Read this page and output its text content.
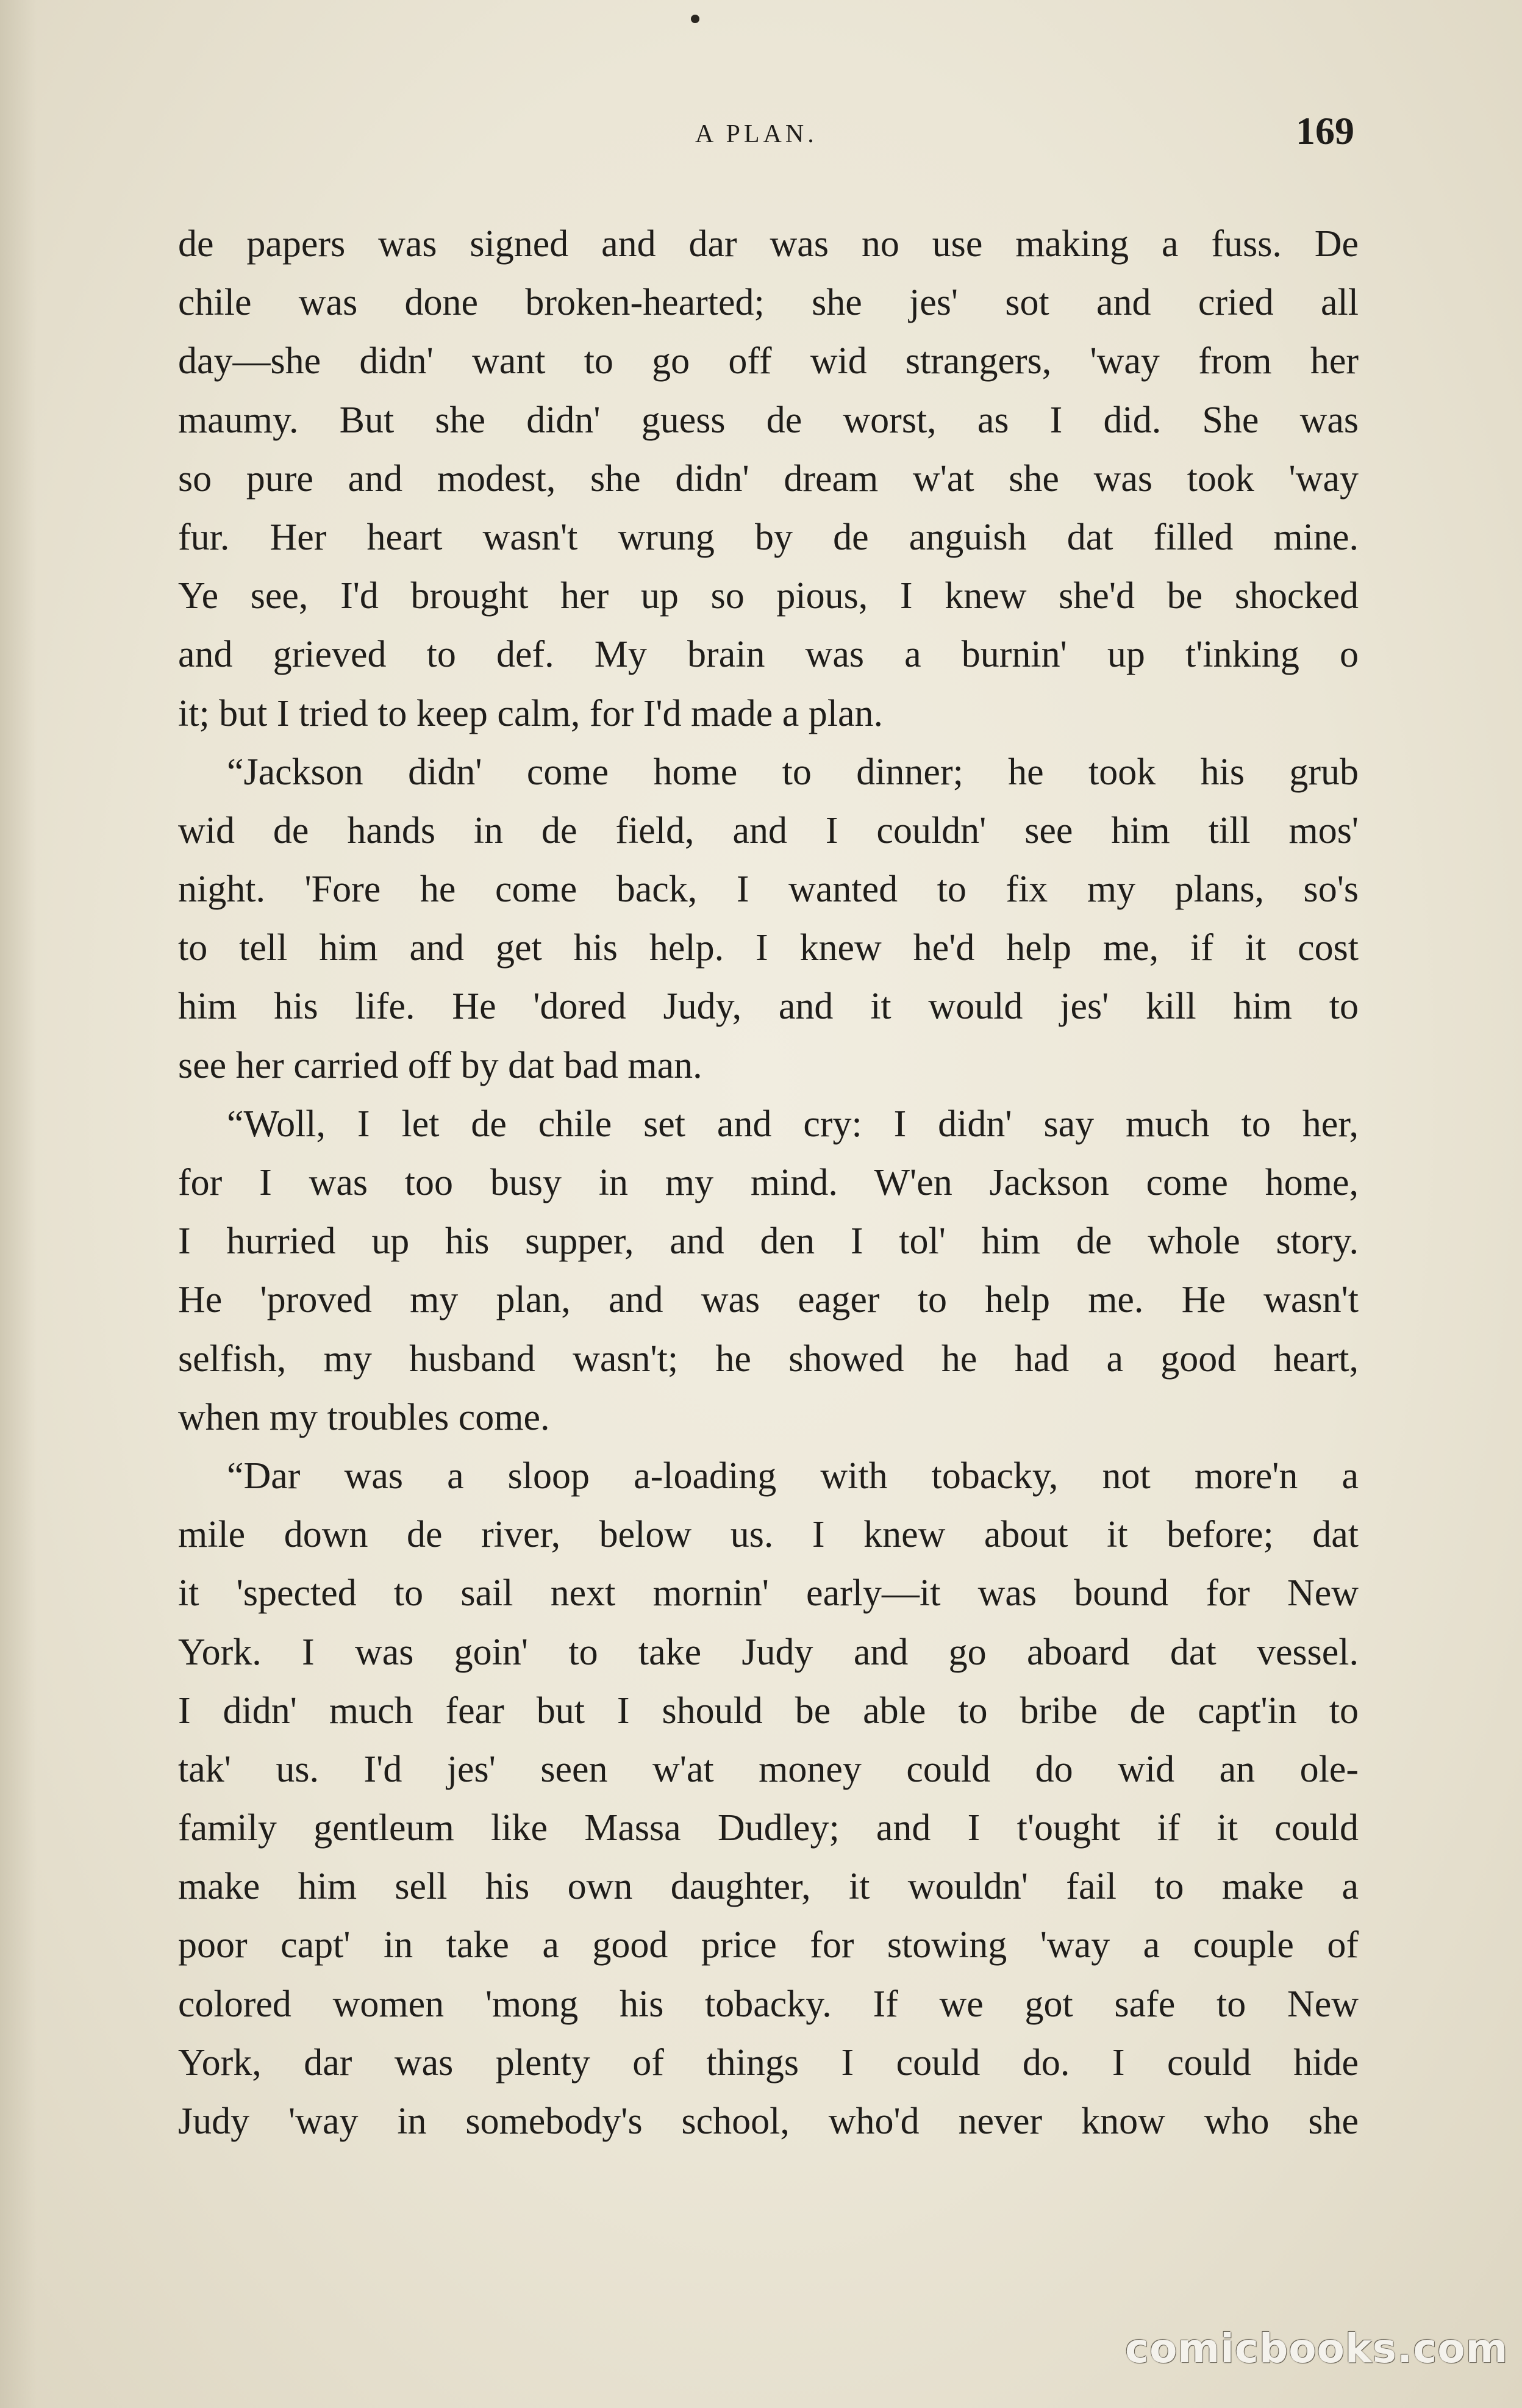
A PLAN.	169
de papers was signed and dar was no use making a fuss. De
chile was done broken-hearted; she jes' sot and cried all
day—she didn' want to go off wid strangers, 'way from her
maumy. But she didn' guess de worst, as I did. She was
so pure and modest, she didn' dream w'at she was took 'way
fur. Her heart wasn't wrung by de anguish dat filled mine.
Ye see, I'd brought her up so pious, I knew she'd be shocked
and grieved to def. My brain was a burnin' up t'inking o
it; but I tried to keep calm, for I'd made a plan.
“Jackson didn' come home to dinner; he took his grub
wid de hands in de field, and I couldn' see him till mos'
night. 'Fore he come back, I wanted to fix my plans, so's
to tell him and get his help. I knew he'd help me, if it cost
him his life. He 'dored Judy, and it would jes' kill him to
see her carried off by dat bad man.
“Woll, I let de chile set and cry: I didn' say much to her,
for I was too busy in my mind. W'en Jackson come home,
I hurried up his supper, and den I tol' him de whole story.
He 'proved my plan, and was eager to help me. He wasn't
selfish, my husband wasn't; he showed he had a good heart,
when my troubles come.
“Dar was a sloop a-loading with tobacky, not more'n a
mile down de river, below us. I knew about it before; dat
it 'spected to sail next mornin' early—it was bound for New
York. I was goin' to take Judy and go aboard dat vessel.
I didn' much fear but I should be able to bribe de capt'in to
tak' us. I'd jes' seen w'at money could do wid an ole-
family gentleum like Massa Dudley; and I t'ought if it could
make him sell his own daughter, it wouldn' fail to make a
poor capt' in take a good price for stowing 'way a couple of
colored women 'mong his tobacky. If we got safe to New
York, dar was plenty of things I could do. I could hide
Judy 'way in somebody's school, who'd never know who she
comicbooks.com
